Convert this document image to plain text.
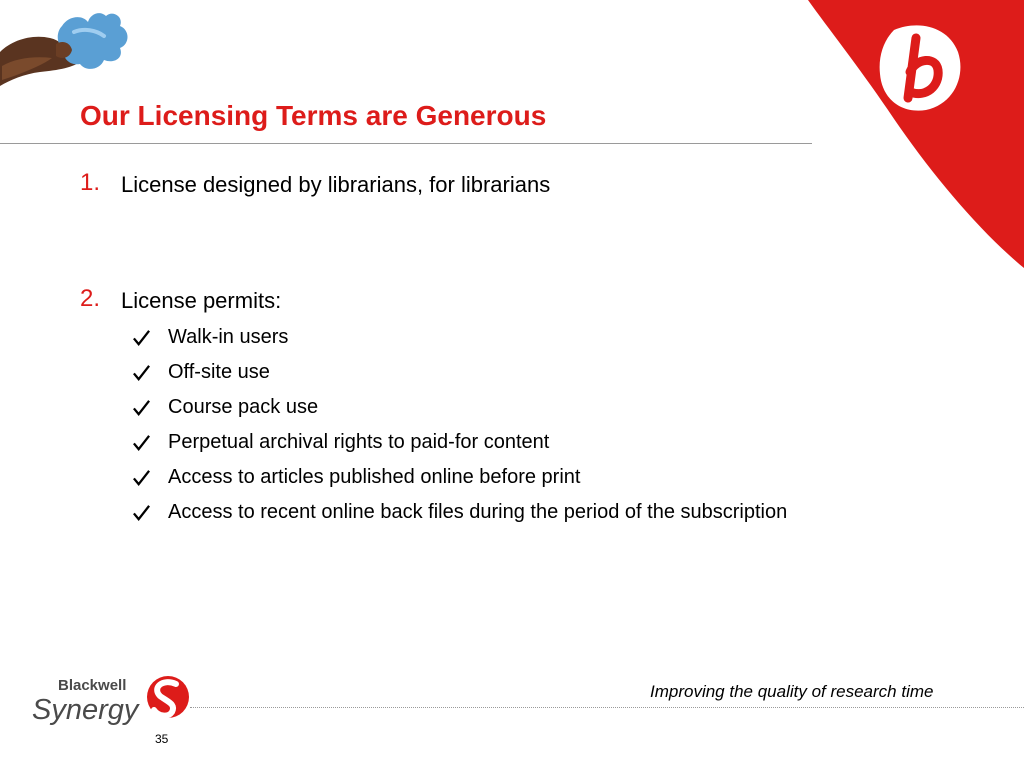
Our Licensing Terms are Generous
1. License designed by librarians, for librarians
2. License permits:
Walk-in users
Off-site use
Course pack use
Perpetual archival rights to paid-for content
Access to articles published online before print
Access to recent online back files during the period of the subscription
Blackwell
Synergy
Improving the quality of research time
35
